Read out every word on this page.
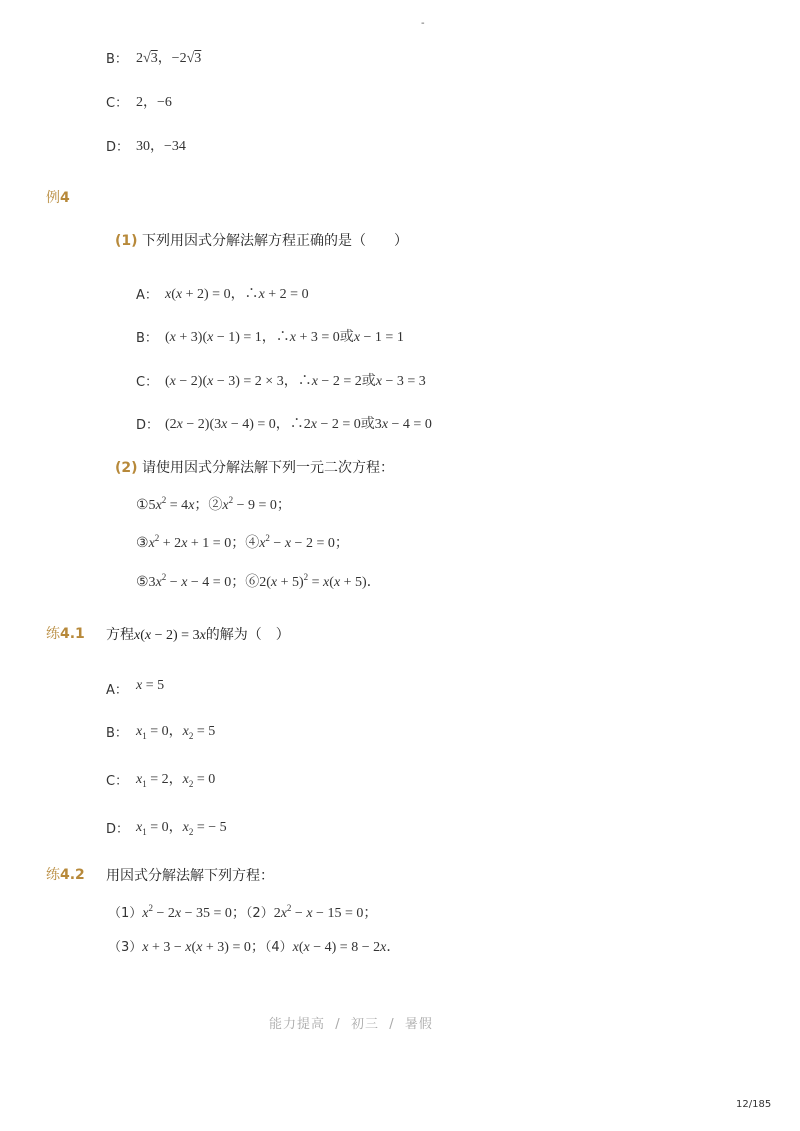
-
B： 2√3，−2√3
C： 2，−6
D： 30，−34
例4
(1) 下列用因式分解法解方程正确的是（　　）
A： x(x + 2) = 0，∴x + 2 = 0
B： (x + 3)(x − 1) = 1，∴x + 3 = 0或x − 1 = 1
C： (x − 2)(x − 3) = 2 × 3，∴x − 2 = 2或x − 3 = 3
D： (2x − 2)(3x − 4) = 0，∴2x − 2 = 0或3x − 4 = 0
(2) 请使用因式分解法解下列一元二次方程：
$①5x^2 = 4x$；$②x^2 - 9 = 0$；
$③x^2 + 2x + 1 = 0$；$④x^2 - x - 2 = 0$；
$⑤3x^2 - x - 4 = 0$；⑥2(x + 5)$^2$ = x(x + 5)．
练4.1 方程x(x − 2) = 3x的解为（　）
A： x = 5
B： $x_1 = 0$，$x_2 = 5$
C： $x_1 = 2$，$x_2 = 0$
D： $x_1 = 0$，$x_2$ = − 5
练4.2 用因式分解法解下列方程：
$(1)x^2 - 2x - 35 = 0$；$(2)2x^2 - x - 15 = 0$；
（3）x + 3 − x(x + 3) = 0；（4）x(x − 4) = 8 − 2x．
能力提高 / 初三 / 暑假
12/185
